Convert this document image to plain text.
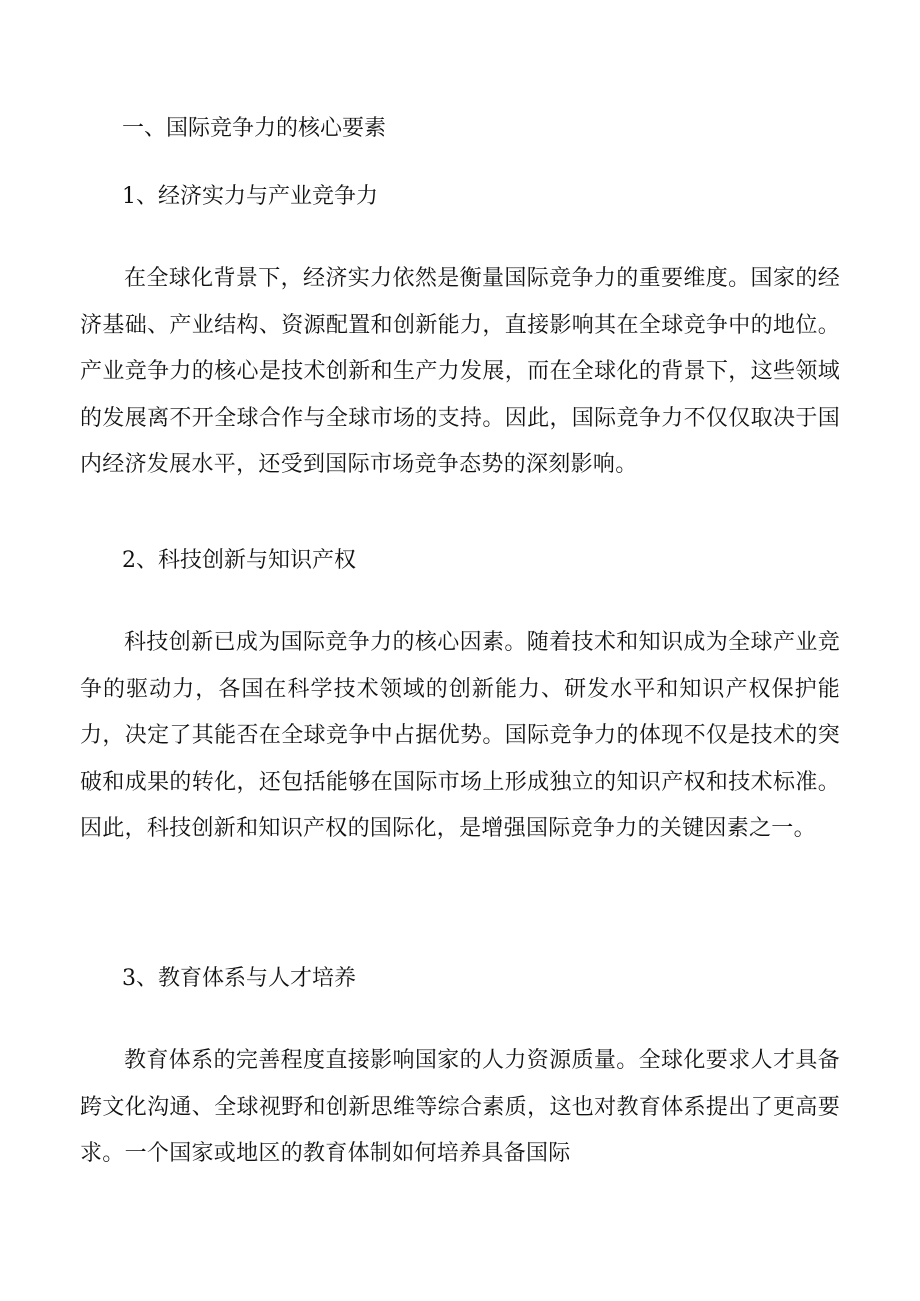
一、国际竞争力的核心要素
1、经济实力与产业竞争力

在全球化背景下，经济实力依然是衡量国际竞争力的重要维度。国家的经济基础、产业结构、资源配置和创新能力，直接影响其在全球竞争中的地位。产业竞争力的核心是技术创新和生产力发展，而在全球化的背景下，这些领域的发展离不开全球合作与全球市场的支持。因此，国际竞争力不仅仅取决于国内经济发展水平，还受到国际市场竞争态势的深刻影响。

2、科技创新与知识产权

科技创新已成为国际竞争力的核心因素。随着技术和知识成为全球产业竞争的驱动力，各国在科学技术领域的创新能力、研发水平和知识产权保护能力，决定了其能否在全球竞争中占据优势。国际竞争力的体现不仅是技术的突破和成果的转化，还包括能够在国际市场上形成独立的知识产权和技术标准。因此，科技创新和知识产权的国际化，是增强国际竞争力的关键因素之一。

3、教育体系与人才培养

教育体系的完善程度直接影响国家的人力资源质量。全球化要求人才具备跨文化沟通、全球视野和创新思维等综合素质，这也对教育体系提出了更高要求。一个国家或地区的教育体制如何培养具备国际
